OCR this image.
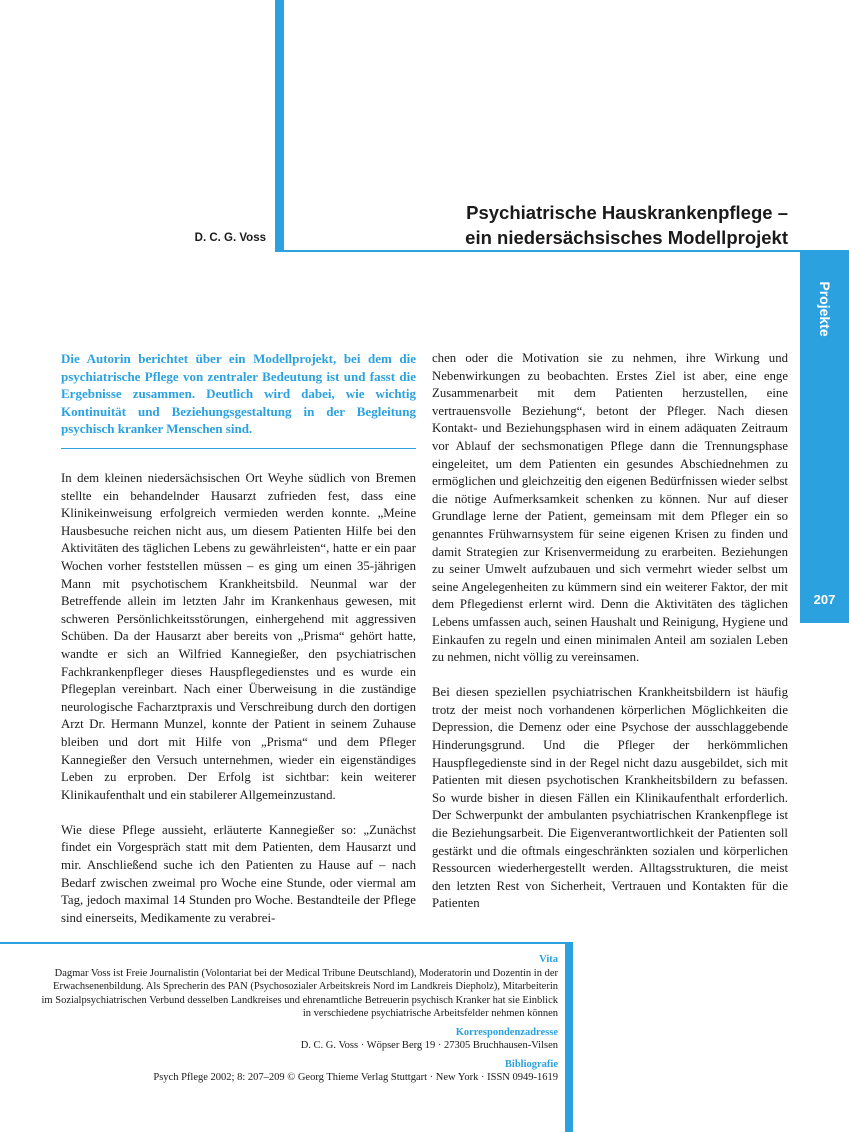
D. C. G. Voss
Psychiatrische Hauskrankenpflege –
ein niedersächsisches Modellprojekt
Projekte
207
Die Autorin berichtet über ein Modellprojekt, bei dem die psychiatrische Pflege von zentraler Bedeutung ist und fasst die Ergebnisse zusammen. Deutlich wird dabei, wie wichtig Kontinuität und Beziehungsgestaltung in der Begleitung psychisch kranker Menschen sind.

In dem kleinen niedersächsischen Ort Weyhe südlich von Bremen stellte ein behandelnder Hausarzt zufrieden fest, dass eine Klinikeinweisung erfolgreich vermieden werden konnte. „Meine Hausbesuche reichen nicht aus, um diesem Patienten Hilfe bei den Aktivitäten des täglichen Lebens zu gewährleisten“, hatte er ein paar Wochen vorher feststellen müssen – es ging um einen 35-jährigen Mann mit psychotischem Krankheitsbild. Neunmal war der Betreffende allein im letzten Jahr im Krankenhaus gewesen, mit schweren Persönlichkeitsstörungen, einhergehend mit aggressiven Schüben. Da der Hausarzt aber bereits von „Prisma“ gehört hatte, wandte er sich an Wilfried Kannegießer, den psychiatrischen Fachkrankenpfleger dieses Hauspflegedienstes und es wurde ein Pflegeplan vereinbart. Nach einer Überweisung in die zuständige neurologische Facharztpraxis und Verschreibung durch den dortigen Arzt Dr. Hermann Munzel, konnte der Patient in seinem Zuhause bleiben und dort mit Hilfe von „Prisma“ und dem Pfleger Kannegießer den Versuch unternehmen, wieder ein eigenständiges Leben zu erproben. Der Erfolg ist sichtbar: kein weiterer Klinikaufenthalt und ein stabilerer Allgemeinzustand.

Wie diese Pflege aussieht, erläuterte Kannegießer so: „Zunächst findet ein Vorgespräch statt mit dem Patienten, dem Hausarzt und mir. Anschließend suche ich den Patienten zu Hause auf – nach Bedarf zwischen zweimal pro Woche eine Stunde, oder viermal am Tag, jedoch maximal 14 Stunden pro Woche. Bestandteile der Pflege sind einerseits, Medikamente zu verabrei-

chen oder die Motivation sie zu nehmen, ihre Wirkung und Nebenwirkungen zu beobachten. Erstes Ziel ist aber, eine enge Zusammenarbeit mit dem Patienten herzustellen, eine vertrauensvolle Beziehung“, betont der Pfleger. Nach diesen Kontakt- und Beziehungsphasen wird in einem adäquaten Zeitraum vor Ablauf der sechsmonatigen Pflege dann die Trennungsphase eingeleitet, um dem Patienten ein gesundes Abschiednehmen zu ermöglichen und gleichzeitig den eigenen Bedürfnissen wieder selbst die nötige Aufmerksamkeit schenken zu können. Nur auf dieser Grundlage lerne der Patient, gemeinsam mit dem Pfleger ein so genanntes Frühwarnsystem für seine eigenen Krisen zu finden und damit Strategien zur Krisenvermeidung zu erarbeiten. Beziehungen zu seiner Umwelt aufzubauen und sich vermehrt wieder selbst um seine Angelegenheiten zu kümmern sind ein weiterer Faktor, der mit dem Pflegedienst erlernt wird. Denn die Aktivitäten des täglichen Lebens umfassen auch, seinen Haushalt und Reinigung, Hygiene und Einkaufen zu regeln und einen minimalen Anteil am sozialen Leben zu nehmen, nicht völlig zu vereinsamen.

Bei diesen speziellen psychiatrischen Krankheitsbildern ist häufig trotz der meist noch vorhandenen körperlichen Möglichkeiten die Depression, die Demenz oder eine Psychose der ausschlaggebende Hinderungsgrund. Und die Pfleger der herkömmlichen Hauspflegedienste sind in der Regel nicht dazu ausgebildet, sich mit Patienten mit diesen psychotischen Krankheitsbildern zu befassen. So wurde bisher in diesen Fällen ein Klinikaufenthalt erforderlich. Der Schwerpunkt der ambulanten psychiatrischen Krankenpflege ist die Beziehungsarbeit. Die Eigenverantwortlichkeit der Patienten soll gestärkt und die oftmals eingeschränkten sozialen und körperlichen Ressourcen wiederhergestellt werden. Alltagsstrukturen, die meist den letzten Rest von Sicherheit, Vertrauen und Kontakten für die Patienten

Vita
Dagmar Voss ist Freie Journalistin (Volontariat bei der Medical Tribune Deutschland), Moderatorin und Dozentin in der Erwachsenenbildung. Als Sprecherin des PAN (Psychosozialer Arbeitskreis Nord im Landkreis Diepholz), Mitarbeiterin im Sozialpsychiatrischen Verbund desselben Landkreises und ehrenamtliche Betreuerin psychisch Kranker hat sie Einblick in verschiedene psychiatrische Arbeitsfelder nehmen können
Korrespondenzadresse
D. C. G. Voss · Wöpser Berg 19 · 27305 Bruchhausen-Vilsen
Bibliografie
Psych Pflege 2002; 8: 207–209 © Georg Thieme Verlag Stuttgart · New York · ISSN 0949-1619
